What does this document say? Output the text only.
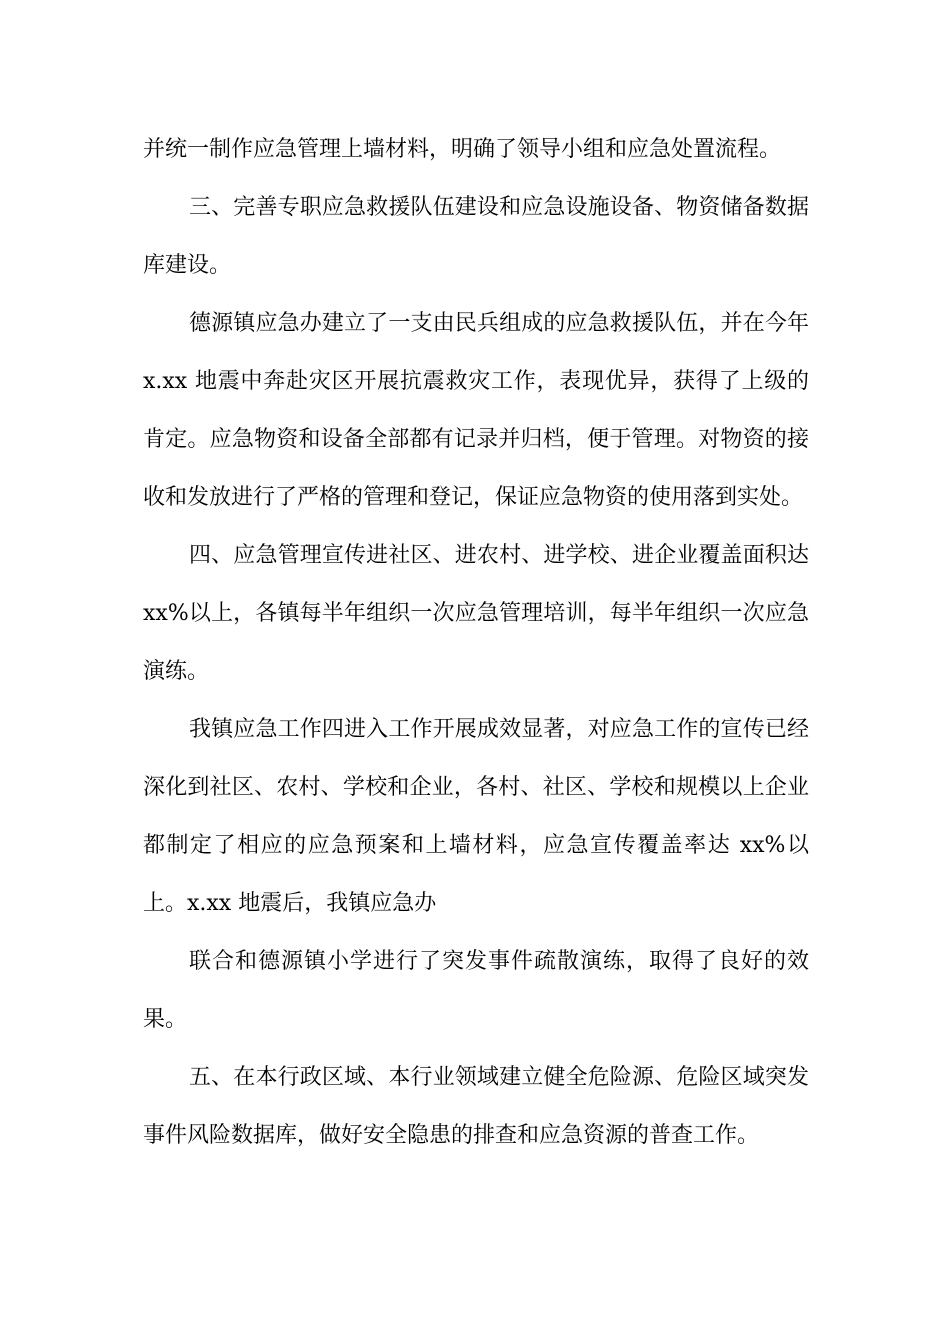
并统一制作应急管理上墙材料，明确了领导小组和应急处置流程。

三、完善专职应急救援队伍建设和应急设施设备、物资储备数据库建设。

德源镇应急办建立了一支由民兵组成的应急救援队伍，并在今年 x.xx 地震中奔赴灾区开展抗震救灾工作，表现优异，获得了上级的肯定。应急物资和设备全部都有记录并归档，便于管理。对物资的接收和发放进行了严格的管理和登记，保证应急物资的使用落到实处。

四、应急管理宣传进社区、进农村、进学校、进企业覆盖面积达 xx%以上，各镇每半年组织一次应急管理培训，每半年组织一次应急演练。

我镇应急工作四进入工作开展成效显著，对应急工作的宣传已经深化到社区、农村、学校和企业，各村、社区、学校和规模以上企业都制定了相应的应急预案和上墙材料，应急宣传覆盖率达 xx%以上。x.xx 地震后，我镇应急办

联合和德源镇小学进行了突发事件疏散演练，取得了良好的效果。

五、在本行政区域、本行业领域建立健全危险源、危险区域突发事件风险数据库，做好安全隐患的排查和应急资源的普查工作。
